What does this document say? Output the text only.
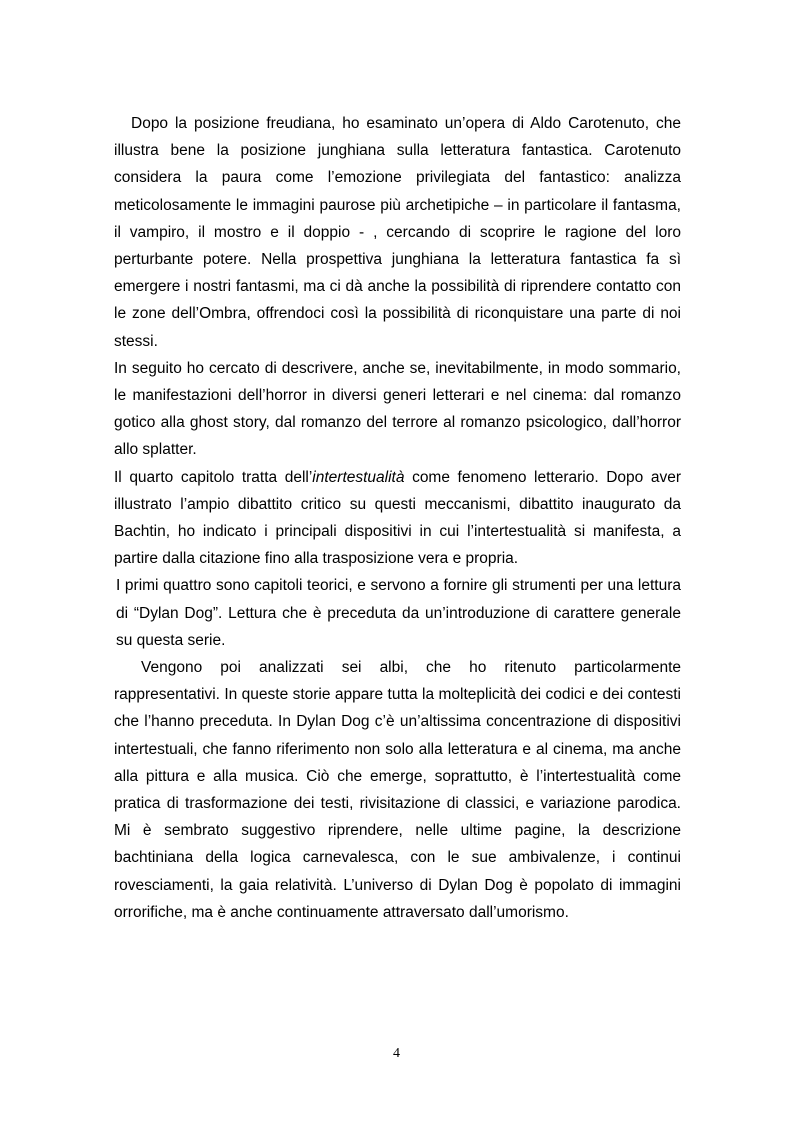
Dopo la posizione freudiana, ho esaminato un’opera di Aldo Carotenuto, che illustra bene la posizione junghiana sulla letteratura fantastica. Carotenuto considera la paura come l’emozione privilegiata del fantastico: analizza meticolosamente le immagini paurose più archetipiche – in particolare il fantasma, il vampiro, il mostro e il doppio - , cercando di scoprire le ragione del loro perturbante potere. Nella prospettiva junghiana la letteratura fantastica fa sì emergere i nostri fantasmi, ma ci dà anche la possibilità di riprendere contatto con le zone dell’Ombra, offrendoci così la possibilità di riconquistare una parte di noi stessi.

In seguito ho cercato di descrivere, anche se, inevitabilmente, in modo sommario, le manifestazioni dell’horror in diversi generi letterari e nel cinema: dal romanzo gotico alla ghost story, dal romanzo del terrore al romanzo psicologico, dall’horror allo splatter.

Il quarto capitolo tratta dell’intertestualità come fenomeno letterario. Dopo aver illustrato l’ampio dibattito critico su questi meccanismi, dibattito inaugurato da Bachtin, ho indicato i principali dispositivi in cui l’intertestualità si manifesta, a partire dalla citazione fino alla trasposizione vera e propria.

I primi quattro sono capitoli teorici, e servono a fornire gli strumenti per una lettura di “Dylan Dog”. Lettura che è preceduta da un’introduzione di carattere generale su questa serie.

Vengono poi analizzati sei albi, che ho ritenuto particolarmente rappresentativi. In queste storie appare tutta la molteplicità dei codici e dei contesti che l’hanno preceduta. In Dylan Dog c’è un’altissima concentrazione di dispositivi intertestuali, che fanno riferimento non solo alla letteratura e al cinema, ma anche alla pittura e alla musica. Ciò che emerge, soprattutto, è l’intertestualità come pratica di trasformazione dei testi, rivisitazione di classici, e variazione parodica. Mi è sembrato suggestivo riprendere, nelle ultime pagine, la descrizione bachtiniana della logica carnevalesca, con le sue ambivalenze, i continui rovesciamenti, la gaia relatività. L’universo di Dylan Dog è popolato di immagini orrorifiche, ma è anche continuamente attraversato dall’umorismo.

4
